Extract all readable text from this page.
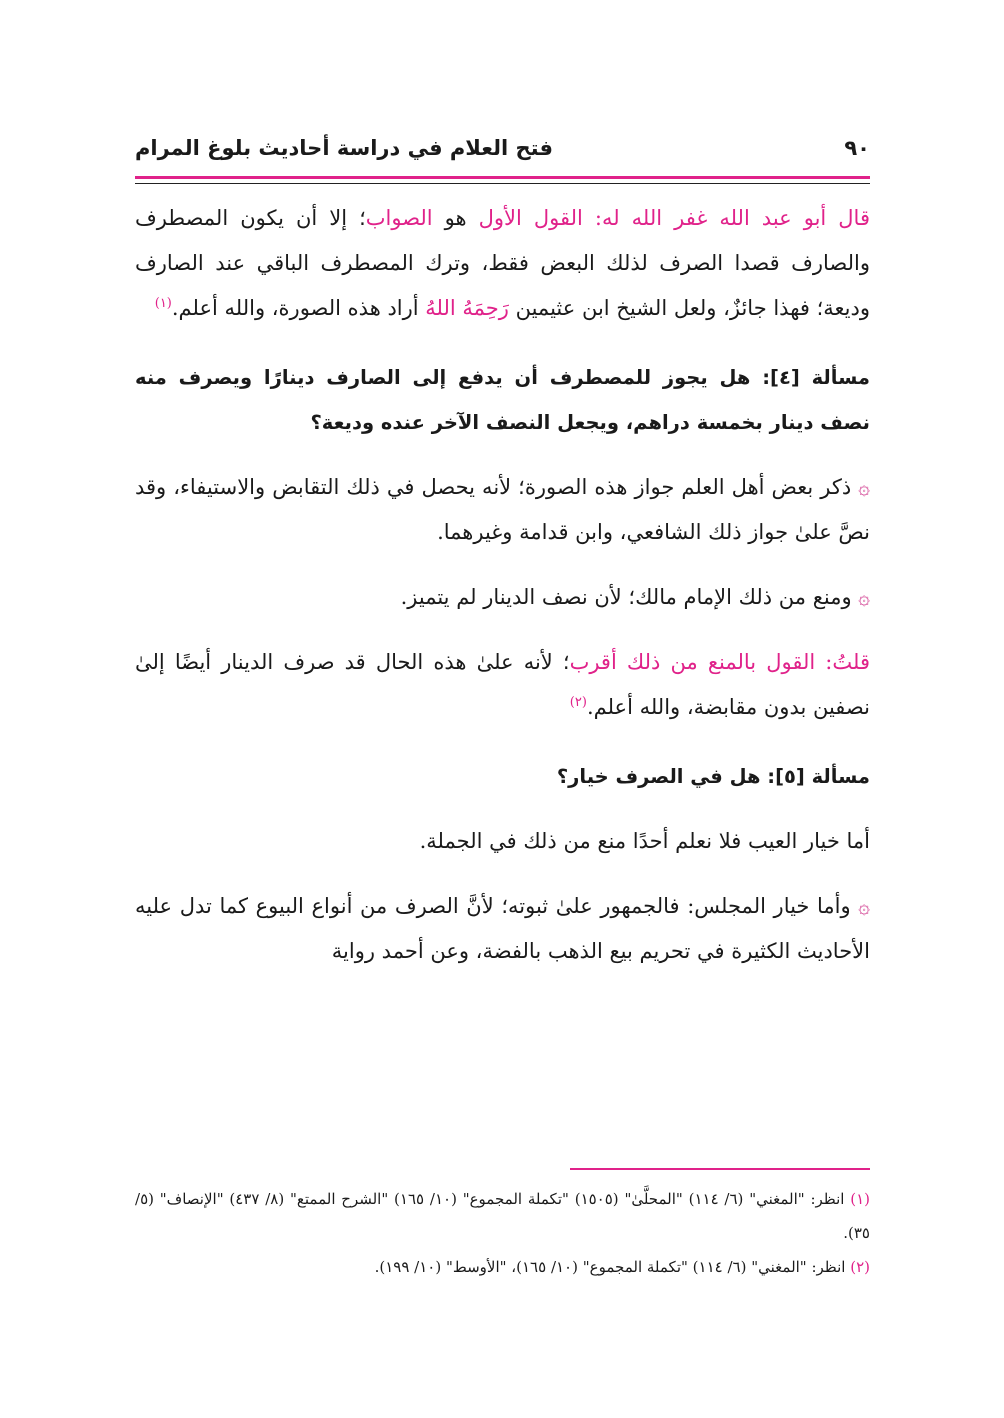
٩٠
فتح العلام في دراسة أحاديث بلوغ المرام

قال أبو عبد الله غفر الله له: القول الأول هو الصواب؛ إلا أن يكون المصطرف والصارف قصدا الصرف لذلك البعض فقط، وترك المصطرف الباقي عند الصارف وديعة؛ فهذا جائزٌ، ولعل الشيخ ابن عثيمين رَحِمَهُ اللهُ أراد هذه الصورة، والله أعلم.$^{(١)}$

مسألة [٤]: هل يجوز للمصطرف أن يدفع إلى الصارف دينارًا ويصرف منه نصف دينار بخمسة دراهم، ويجعل النصف الآخر عنده وديعة؟

۞ ذكر بعض أهل العلم جواز هذه الصورة؛ لأنه يحصل في ذلك التقابض والاستيفاء، وقد نصَّ علىٰ جواز ذلك الشافعي، وابن قدامة وغيرهما.

۞ ومنع من ذلك الإمام مالك؛ لأن نصف الدينار لم يتميز.

قلتُ: القول بالمنع من ذلك أقرب؛ لأنه علىٰ هذه الحال قد صرف الدينار أيضًا إلىٰ نصفين بدون مقابضة، والله أعلم.$^{(٢)}$

مسألة [٥]: هل في الصرف خيار؟

أما خيار العيب فلا نعلم أحدًا منع من ذلك في الجملة.

۞ وأما خيار المجلس: فالجمهور علىٰ ثبوته؛ لأنَّ الصرف من أنواع البيوع كما تدل عليه الأحاديث الكثيرة في تحريم بيع الذهب بالفضة، وعن أحمد رواية

(١) انظر: "المغني" (٦/ ١١٤) "المحلَّىٰ" (١٥٠٥) "تكملة المجموع" (١٠/ ١٦٥) "الشرح الممتع" (٨/ ٤٣٧) "الإنصاف" (٥/ ٣٥).

(٢) انظر: "المغني" (٦/ ١١٤) "تكملة المجموع" (١٠/ ١٦٥)، "الأوسط" (١٠/ ١٩٩).
